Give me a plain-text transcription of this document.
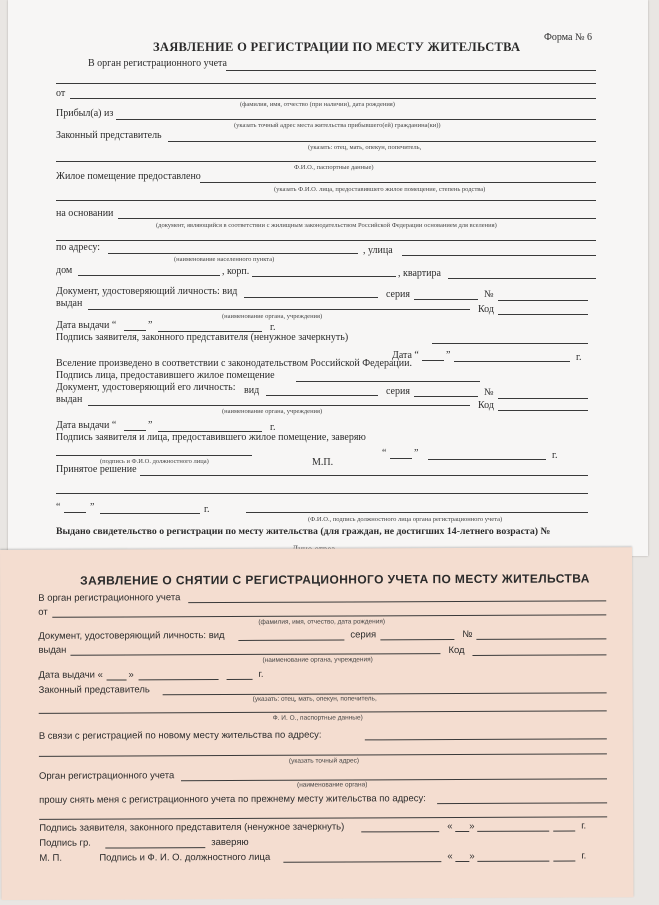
Форма № 6
ЗАЯВЛЕНИЕ О РЕГИСТРАЦИИ ПО МЕСТУ ЖИТЕЛЬСТВА
В орган регистрационного учета
от
(фамилия, имя, отчество (при наличии), дата рождения)
Прибыл(а) из
(указать точный адрес места жительства прибывшего(ей) гражданина(ки))
Законный представитель
(указать: отец, мать, опекун, попечитель,
Ф.И.О., паспортные данные)
Жилое помещение предоставлено
(указать Ф.И.О. лица, предоставившего жилое помещение, степень родства)
на основании
(документ, являющийся в соответствии с жилищным законодательством Российской Федерации основанием для вселения)
по адресу:	, улица
(наименование населенного пункта)
дом	, корп.	, квартира
Документ, удостоверяющий личность: вид	серия	№
выдан
Код
(наименование органа, учреждения)
Дата выдачи “	”	г.
Подпись заявителя, законного представителя (ненужное зачеркнуть)
Дата “	”	г.
Вселение произведено в соответствии с законодательством Российской Федерации.
Подпись лица, предоставившего жилое помещение
Документ, удостоверяющий его личность: вид	серия	№
выдан
Код
(наименование органа, учреждения)
Дата выдачи “	”	г.
Подпись заявителя и лица, предоставившего жилое помещение, заверяю
(подпись и Ф.И.О. должностного лица)	М.П.
“	”	г.
Принятое решение
“	”	г.
(Ф.И.О., подпись должностного лица органа регистрационного учета)
Выдано свидетельство о регистрации по месту жительства (для граждан, не достигших 14-летнего возраста) №
ЗАЯВЛЕНИЕ О СНЯТИИ С РЕГИСТРАЦИОННОГО УЧЕТА ПО МЕСТУ ЖИТЕЛЬСТВА
В орган регистрационного учета
от
(фамилия, имя, отчество, дата рождения)
Документ, удостоверяющий личность: вид	серия	№
выдан	Код
(наименование органа, учреждения)
Дата выдачи «	»	г.
Законный представитель
(указать: отец, мать, опекун, попечитель,
Ф. И. О., паспортные данные)
В связи с регистрацией по новому месту жительства по адресу:
(указать точный адрес)
Орган регистрационного учета
(наименование органа)
прошу снять меня с регистрационного учета по прежнему месту жительства по адресу:
Подпись заявителя, законного представителя (ненужное зачеркнуть)	« »	г.
Подпись гр.	заверяю
М. П.	Подпись и Ф. И. О. должностного лица	« »	г.
